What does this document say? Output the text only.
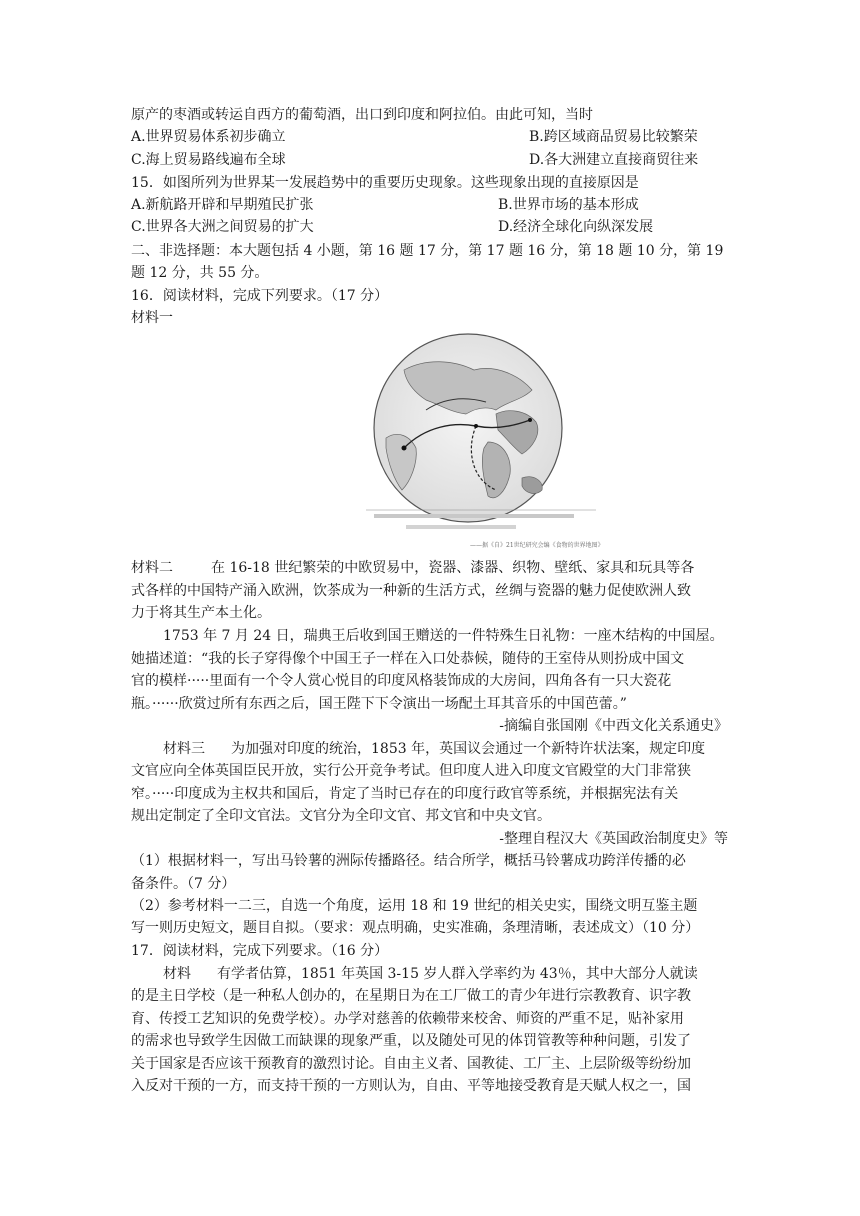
原产的枣酒或转运自西方的葡萄酒，出口到印度和阿拉伯。由此可知，当时
A.世界贸易体系初步确立	B.跨区域商品贸易比较繁荣
C.海上贸易路线遍布全球	D.各大洲建立直接商贸往来
15．如图所列为世界某一发展趋势中的重要历史现象。这些现象出现的直接原因是
A.新航路开辟和早期殖民扩张	B.世界市场的基本形成
C.世界各大洲之间贸易的扩大	D.经济全球化向纵深发展
二、非选择题：本大题包括 4 小题，第 16 题 17 分，第 17 题 16 分，第 18 题 10 分，第 19
题 12 分，共 55 分。
16．阅读材料，完成下列要求。（17 分）
材料一
——据《自》21世纪研究会编《食物的世界地图》
材料二	在 16-18 世纪繁荣的中欧贸易中，瓷器、漆器、织物、壁纸、家具和玩具等各
式各样的中国特产涌入欧洲，饮茶成为一种新的生活方式，丝绸与瓷器的魅力促使欧洲人致
力于将其生产本土化。
1753 年 7 月 24 日，瑞典王后收到国王赠送的一件特殊生日礼物：一座木结构的中国屋。
她描述道：“我的长子穿得像个中国王子一样在入口处恭候，随侍的王室侍从则扮成中国文
官的模样·····里面有一个令人赏心悦目的印度风格装饰成的大房间，四角各有一只大瓷花
瓶。······欣赏过所有东西之后，国王陛下下令演出一场配土耳其音乐的中国芭蕾。”
-摘编自张国刚《中西文化关系通史》
材料三 为加强对印度的统治，1853 年，英国议会通过一个新特许状法案，规定印度
文官应向全体英国臣民开放，实行公开竞争考试。但印度人进入印度文官殿堂的大门非常狭
窄。·····印度成为主权共和国后，肯定了当时已存在的印度行政官等系统，并根据宪法有关
规出定制定了全印文官法。文官分为全印文官、邦文官和中央文官。
-整理自程汉大《英国政治制度史》等
（1）根据材料一，写出马铃薯的洲际传播路径。结合所学，概括马铃薯成功跨洋传播的必
备条件。（7 分）
（2）参考材料一二三，自选一个角度，运用 18 和 19 世纪的相关史实，围绕文明互鉴主题
写一则历史短文，题目自拟。（要求：观点明确，史实准确，条理清晰，表述成文）（10 分）
17．阅读材料，完成下列要求。（16 分）
材料 有学者估算，1851 年英国 3-15 岁人群入学率约为 43％，其中大部分人就读
的是主日学校（是一种私人创办的，在星期日为在工厂做工的青少年进行宗教教育、识字教
育、传授工艺知识的免费学校）。办学对慈善的依赖带来校舍、师资的严重不足，贴补家用
的需求也导致学生因做工而缺课的现象严重，以及随处可见的体罚管教等种种问题，引发了
关于国家是否应该干预教育的激烈讨论。自由主义者、国教徒、工厂主、上层阶级等纷纷加
入反对干预的一方，而支持干预的一方则认为，自由、平等地接受教育是天赋人权之一，国
